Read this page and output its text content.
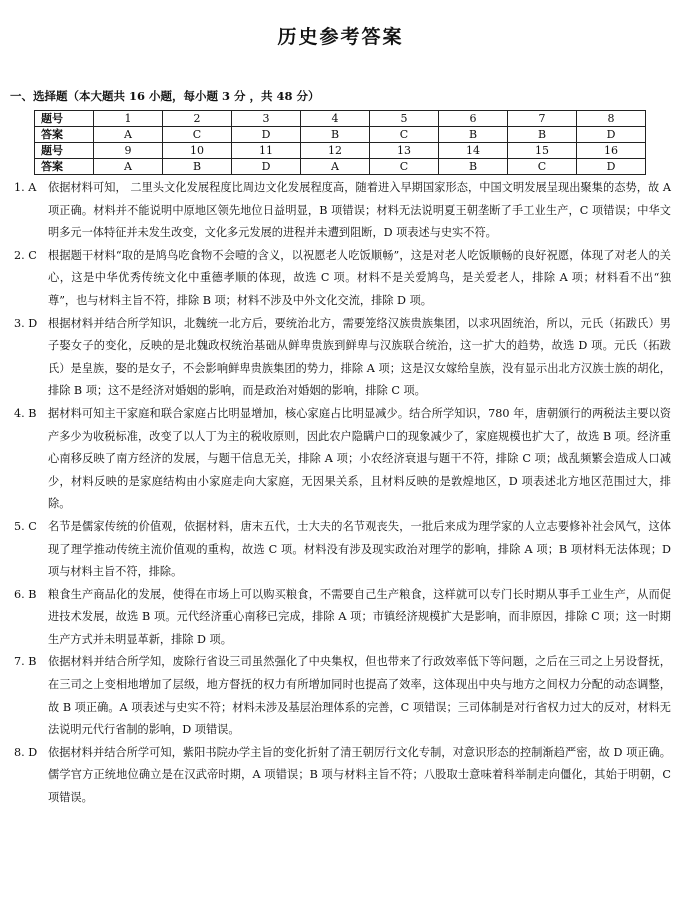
历史参考答案
一、选择题（本大题共 16 小题，每小题 3 分 ，共 48 分）
题号	1	2	3	4	5	6	7	8
答案	A	C	D	B	C	B	B	D
题号	9	10	11	12	13	14	15	16
答案	A	B	D	A	C	B	C	D
1. A	依据材料可知， 二里头文化发展程度比周边文化发展程度高，随着进入早期国家形态，中国文明发展呈现出聚集的态势，故 A 项正确。材料并不能说明中原地区领先地位日益明显，B 项错误；材料无法说明夏王朝垄断了手工业生产，C 项错误；中华文明多元一体特征并未发生改变，文化多元发展的进程并未遭到阻断，D 项表述与史实不符。
2. C	根据题干材料“取的是鸠鸟吃食物不会噎的含义，以祝愿老人吃饭顺畅”，这是对老人吃饭顺畅的良好祝愿，体现了对老人的关心，这是中华优秀传统文化中重德孝顺的体现，故选 C 项。材料不是关爱鸠鸟，是关爱老人，排除 A 项；材料看不出“独尊”，也与材料主旨不符，排除 B 项；材料不涉及中外文化交流，排除 D 项。
3. D 根据材料并结合所学知识，北魏统一北方后，要统治北方，需要笼络汉族贵族集团，以求巩固统治，所以，元氏（拓跋氏）男子娶女子的变化，反映的是北魏政权统治基础从鲜卑贵族到鲜卑与汉族联合统治，这一扩大的趋势，故选 D 项。元氏（拓跋氏）是皇族，娶的是女子，不会影响鲜卑贵族集团的势力，排除 A 项；这是汉女嫁给皇族，没有显示出北方汉族士族的胡化，排除 B 项；这不是经济对婚姻的影响，而是政治对婚姻的影响，排除 C 项。
4. B	据材料可知主干家庭和联合家庭占比明显增加，核心家庭占比明显减少。结合所学知识，780 年，唐朝颁行的两税法主要以资产多少为收税标准，改变了以人丁为主的税收原则，因此农户隐瞒户口的现象减少了，家庭规模也扩大了，故选 B 项。经济重心南移反映了南方经济的发展，与题干信息无关，排除 A 项；小农经济衰退与题干不符，排除 C 项；战乱频繁会造成人口减少，材料反映的是家庭结构由小家庭走向大家庭，无因果关系，且材料反映的是敦煌地区，D 项表述北方地区范围过大，排除。
5. C	名节是儒家传统的价值观，依据材料，唐末五代，士大夫的名节观丧失，一批后来成为理学家的人立志要修补社会风气，这体现了理学推动传统主流价值观的重构，故选 C 项。材料没有涉及现实政治对理学的影响，排除 A 项；B 项材料无法体现；D 项与材料主旨不符，排除。
6. B	粮食生产商品化的发展，使得在市场上可以购买粮食，不需要自己生产粮食，这样就可以专门长时期从事手工业生产，从而促进技术发展，故选 B 项。元代经济重心南移已完成，排除 A 项；市镇经济规模扩大是影响，而非原因，排除 C 项；这一时期生产方式并未明显革新，排除 D 项。
7. B	依据材料并结合所学知，废除行省设三司虽然强化了中央集权，但也带来了行政效率低下等问题，之后在三司之上另设督抚，在三司之上变相地增加了层级，地方督抚的权力有所增加同时也提高了效率，这体现出中央与地方之间权力分配的动态调整，故 B 项正确。A 项表述与史实不符；材料未涉及基层治理体系的完善，C 项错误；三司体制是对行省权力过大的反对，材料无法说明元代行省制的影响，D 项错误。
8. D 依据材料并结合所学可知，紫阳书院办学主旨的变化折射了清王朝厉行文化专制，对意识形态的控制渐趋严密，故 D 项正确。儒学官方正统地位确立是在汉武帝时期，A 项错误；B 项与材料主旨不符；八股取士意味着科举制走向僵化，其始于明朝，C 项错误。
